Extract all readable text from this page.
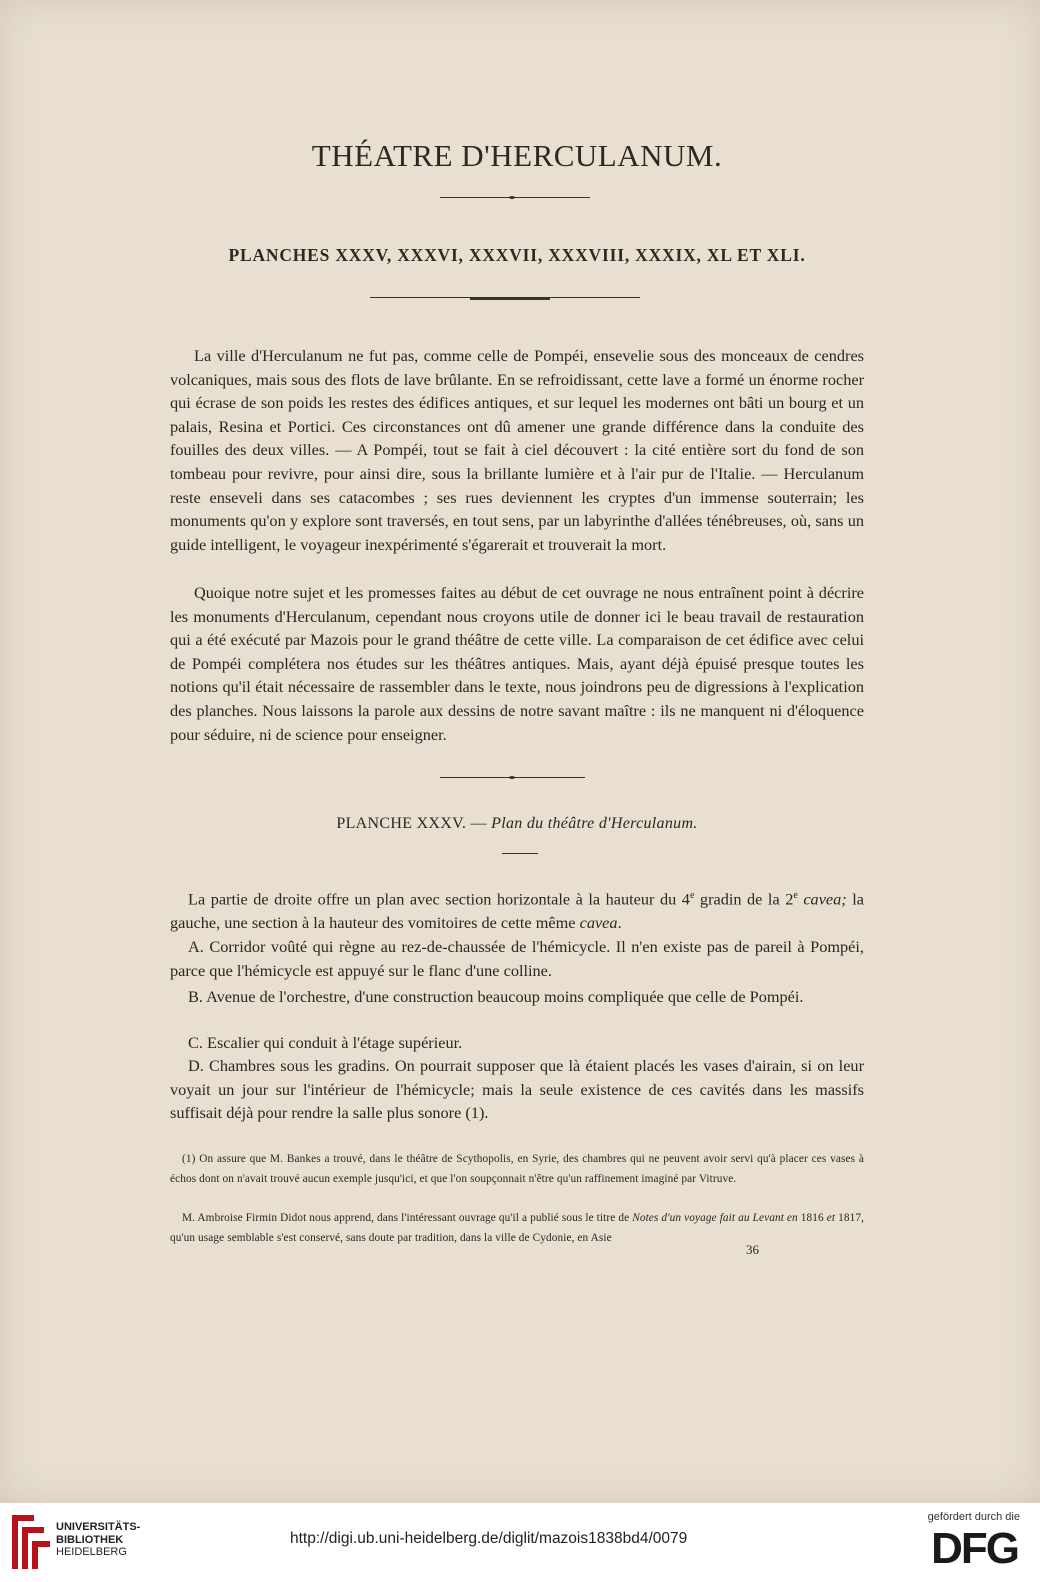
THÉATRE D'HERCULANUM.
PLANCHES XXXV, XXXVI, XXXVII, XXXVIII, XXXIX, XL ET XLI.

La ville d'Herculanum ne fut pas, comme celle de Pompéi, ensevelie sous des monceaux de cendres volcaniques, mais sous des flots de lave brûlante. En se refroidissant, cette lave a formé un énorme rocher qui écrase de son poids les restes des édifices antiques, et sur lequel les modernes ont bâti un bourg et un palais, Resina et Portici. Ces circonstances ont dû amener une grande différence dans la conduite des fouilles des deux villes. — A Pompéi, tout se fait à ciel découvert : la cité entière sort du fond de son tombeau pour revivre, pour ainsi dire, sous la brillante lumière et à l'air pur de l'Italie. — Herculanum reste enseveli dans ses catacombes ; ses rues deviennent les cryptes d'un immense souterrain; les monuments qu'on y explore sont traversés, en tout sens, par un labyrinthe d'allées ténébreuses, où, sans un guide intelligent, le voyageur inexpérimenté s'égarerait et trouverait la mort.

Quoique notre sujet et les promesses faites au début de cet ouvrage ne nous entraînent point à décrire les monuments d'Herculanum, cependant nous croyons utile de donner ici le beau travail de restauration qui a été exécuté par Mazois pour le grand théâtre de cette ville. La comparaison de cet édifice avec celui de Pompéi complétera nos études sur les théâtres antiques. Mais, ayant déjà épuisé presque toutes les notions qu'il était nécessaire de rassembler dans le texte, nous joindrons peu de digressions à l'explication des planches. Nous laissons la parole aux dessins de notre savant maître : ils ne manquent ni d'éloquence pour séduire, ni de science pour enseigner.

PLANCHE XXXV. — Plan du théâtre d'Herculanum.

La partie de droite offre un plan avec section horizontale à la hauteur du 4e gradin de la 2e cavea; la gauche, une section à la hauteur des vomitoires de cette même cavea.

A. Corridor voûté qui règne au rez-de-chaussée de l'hémicycle. Il n'en existe pas de pareil à Pompéi, parce que l'hémicycle est appuyé sur le flanc d'une colline.

B. Avenue de l'orchestre, d'une construction beaucoup moins compliquée que celle de Pompéi.

C. Escalier qui conduit à l'étage supérieur.

D. Chambres sous les gradins. On pourrait supposer que là étaient placés les vases d'airain, si on leur voyait un jour sur l'intérieur de l'hémicycle; mais la seule existence de ces cavités dans les massifs suffisait déjà pour rendre la salle plus sonore (1).

(1) On assure que M. Bankes a trouvé, dans le théâtre de Scythopolis, en Syrie, des chambres qui ne peuvent avoir servi qu'à placer ces vases à échos dont on n'avait trouvé aucun exemple jusqu'ici, et que l'on soupçonnait n'être qu'un raffinement imaginé par Vitruve.

M. Ambroise Firmin Didot nous apprend, dans l'intéressant ouvrage qu'il a publié sous le titre de Notes d'un voyage fait au Levant en 1816 et 1817, qu'un usage semblable s'est conservé, sans doute par tradition, dans la ville de Cydonie, en Asie

36
UNIVERSITÄTS-
BIBLIOTHEK
HEIDELBERG
http://digi.ub.uni-heidelberg.de/diglit/mazois1838bd4/0079
gefördert durch die
DFG
